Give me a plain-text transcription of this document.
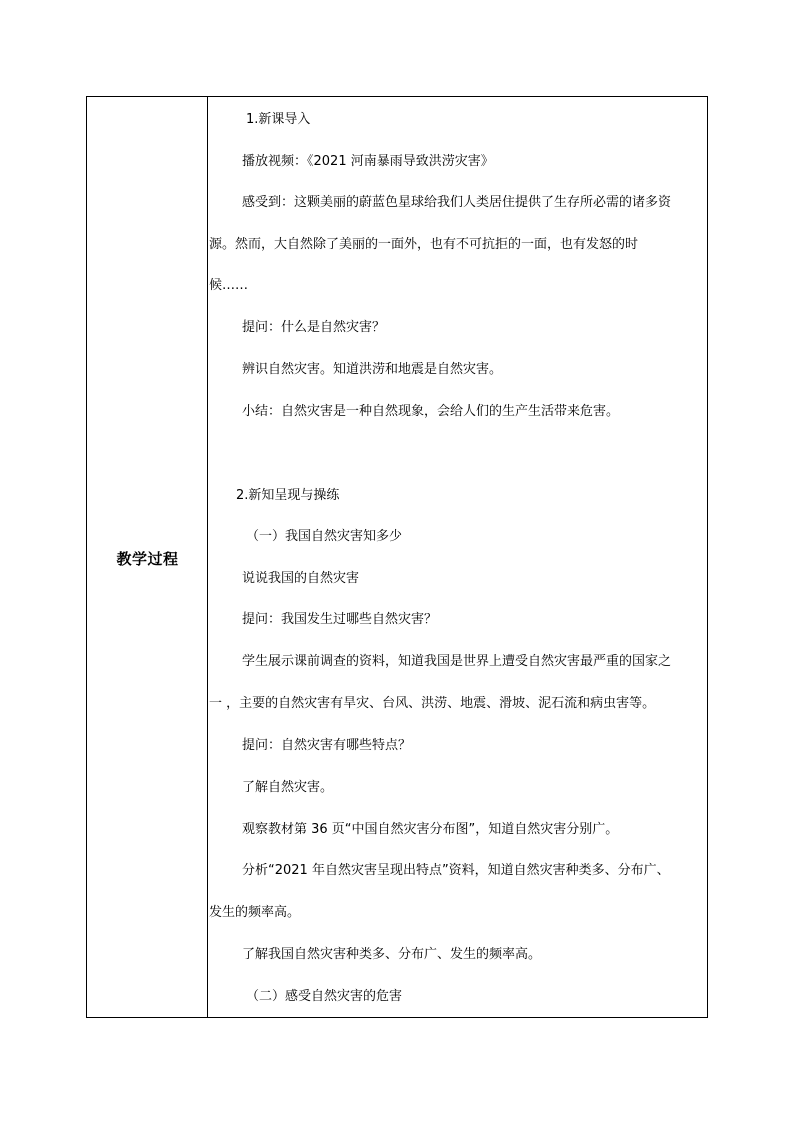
教学过程
1.新课导入
播放视频：《2021 河南暴雨导致洪涝灾害》
感受到：这颗美丽的蔚蓝色星球给我们人类居住提供了生存所必需的诸多资
源。然而，大自然除了美丽的一面外，也有不可抗拒的一面，也有发怒的时
候……
提问：什么是自然灾害？
辨识自然灾害。知道洪涝和地震是自然灾害。
小结：自然灾害是一种自然现象，会给人们的生产生活带来危害。
2.新知呈现与操练
（一）我国自然灾害知多少
说说我国的自然灾害
提问：我国发生过哪些自然灾害？
学生展示课前调查的资料，知道我国是世界上遭受自然灾害最严重的国家之
一 ，主要的自然灾害有旱灾、台风、洪涝、地震、滑坡、泥石流和病虫害等。
提问：自然灾害有哪些特点？
了解自然灾害。
观察教材第 36 页“中国自然灾害分布图”，知道自然灾害分别广。
分析“2021 年自然灾害呈现出特点”资料，知道自然灾害种类多、分布广、
发生的频率高。
了解我国自然灾害种类多、分布广、发生的频率高。
（二）感受自然灾害的危害
